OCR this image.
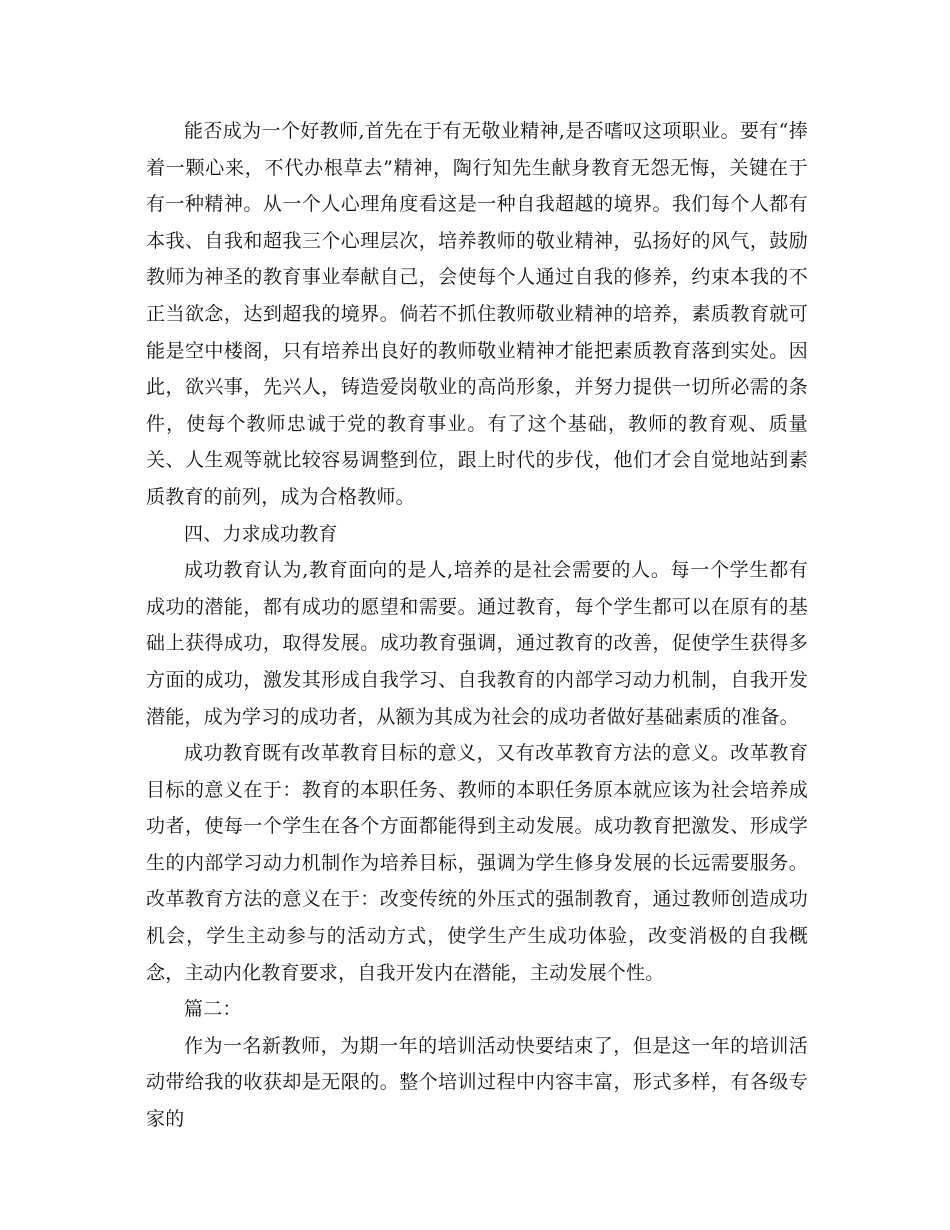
能否成为一个好教师,首先在于有无敬业精神,是否嗜叹这项职业。要有“捧着一颗心来，不代办根草去”精神，陶行知先生献身教育无怨无悔，关键在于有一种精神。从一个人心理角度看这是一种自我超越的境界。我们每个人都有本我、自我和超我三个心理层次，培养教师的敬业精神，弘扬好的风气，鼓励教师为神圣的教育事业奉献自己，会使每个人通过自我的修养，约束本我的不正当欲念，达到超我的境界。倘若不抓住教师敬业精神的培养，素质教育就可能是空中楼阁，只有培养出良好的教师敬业精神才能把素质教育落到实处。因此，欲兴事，先兴人，铸造爱岗敬业的高尚形象，并努力提供一切所必需的条件，使每个教师忠诚于党的教育事业。有了这个基础，教师的教育观、质量关、人生观等就比较容易调整到位，跟上时代的步伐，他们才会自觉地站到素质教育的前列，成为合格教师。

四、力求成功教育

成功教育认为,教育面向的是人,培养的是社会需要的人。每一个学生都有成功的潜能，都有成功的愿望和需要。通过教育，每个学生都可以在原有的基础上获得成功，取得发展。成功教育强调，通过教育的改善，促使学生获得多方面的成功，激发其形成自我学习、自我教育的内部学习动力机制，自我开发潜能，成为学习的成功者，从额为其成为社会的成功者做好基础素质的准备。

成功教育既有改革教育目标的意义，又有改革教育方法的意义。改革教育目标的意义在于：教育的本职任务、教师的本职任务原本就应该为社会培养成功者，使每一个学生在各个方面都能得到主动发展。成功教育把激发、形成学生的内部学习动力机制作为培养目标，强调为学生修身发展的长远需要服务。改革教育方法的意义在于：改变传统的外压式的强制教育，通过教师创造成功机会，学生主动参与的活动方式，使学生产生成功体验，改变消极的自我概念，主动内化教育要求，自我开发内在潜能，主动发展个性。

篇二：

作为一名新教师，为期一年的培训活动快要结束了，但是这一年的培训活动带给我的收获却是无限的。整个培训过程中内容丰富，形式多样，有各级专家的
